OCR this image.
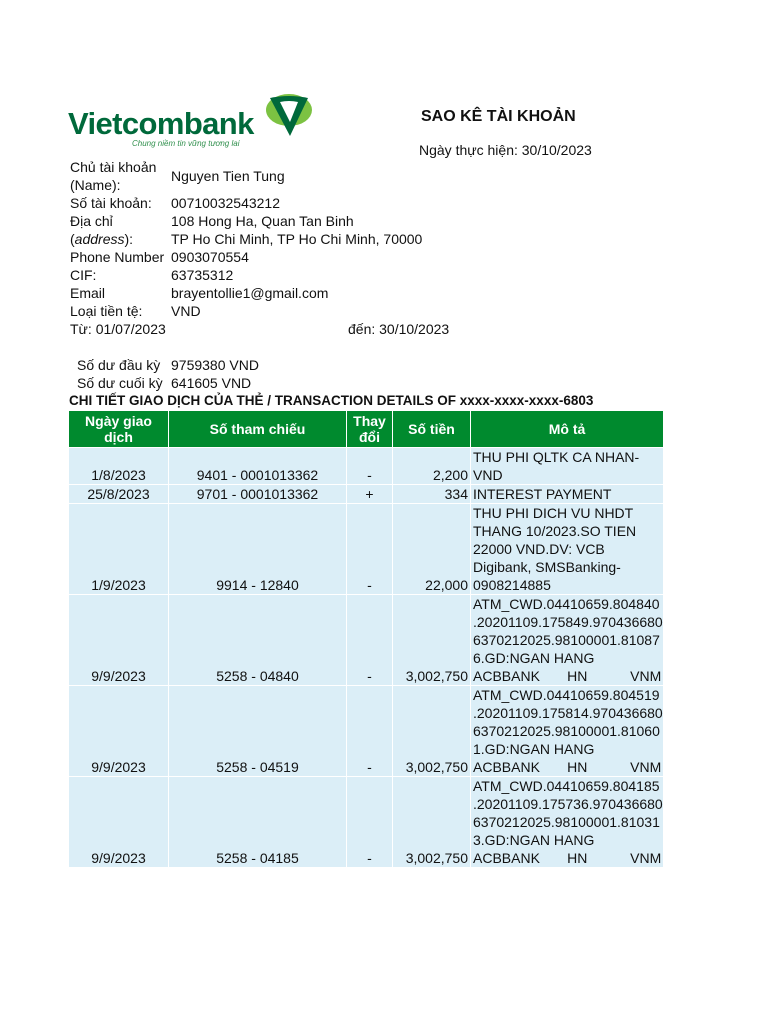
Vietcombank
Chung niềm tin vững tương lai
SAO KÊ TÀI KHOẢN
Ngày thực hiện: 30/10/2023
Chủ tài khoản
(Name):
Nguyen Tien Tung
Số tài khoản: 00710032543212
Địa chỉ
(address):
108 Hong Ha, Quan Tan Binh
TP Ho Chi Minh, TP Ho Chi Minh, 70000
Phone Number 0903070554
CIF:	63735312
Email	brayentollie1@gmail.com
Loại tiền tệ: VND
Từ: 01/07/2023	đến: 30/10/2023
Số dư đầu kỳ 9759380 VND
Số dư cuối kỳ 641605 VND
CHI TIẾT GIAO DỊCH CỦA THẺ / TRANSACTION DETAILS OF xxxx-xxxx-xxxx-6803
Ngày giao dịch	Số tham chiếu	Thay đổi	Số tiền	Mô tả
1/8/2023	9401 - 0001013362	-	2,200	THU PHI QLTK CA NHAN-
VND

25/8/2023	9701 - 0001013362	+	334	INTEREST PAYMENT

1/9/2023	9914 - 12840	-	22,000	THU PHI DICH VU NHDT
THANG 10/2023.SO TIEN
22000 VND.DV: VCB
Digibank, SMSBanking-
0908214885

9/9/2023	5258 - 04840	-	3,002,750	ATM_CWD.04410659.804840
.20201109.175849.970436680
6370212025.98100001.81087
6.GD:NGAN HANG
ACBBANK       HN           VNM

9/9/2023	5258 - 04519	-	3,002,750	ATM_CWD.04410659.804519
.20201109.175814.970436680
6370212025.98100001.81060
1.GD:NGAN HANG
ACBBANK       HN           VNM

9/9/2023	5258 - 04185	-	3,002,750	ATM_CWD.04410659.804185
.20201109.175736.970436680
6370212025.98100001.81031
3.GD:NGAN HANG
ACBBANK       HN           VNM
